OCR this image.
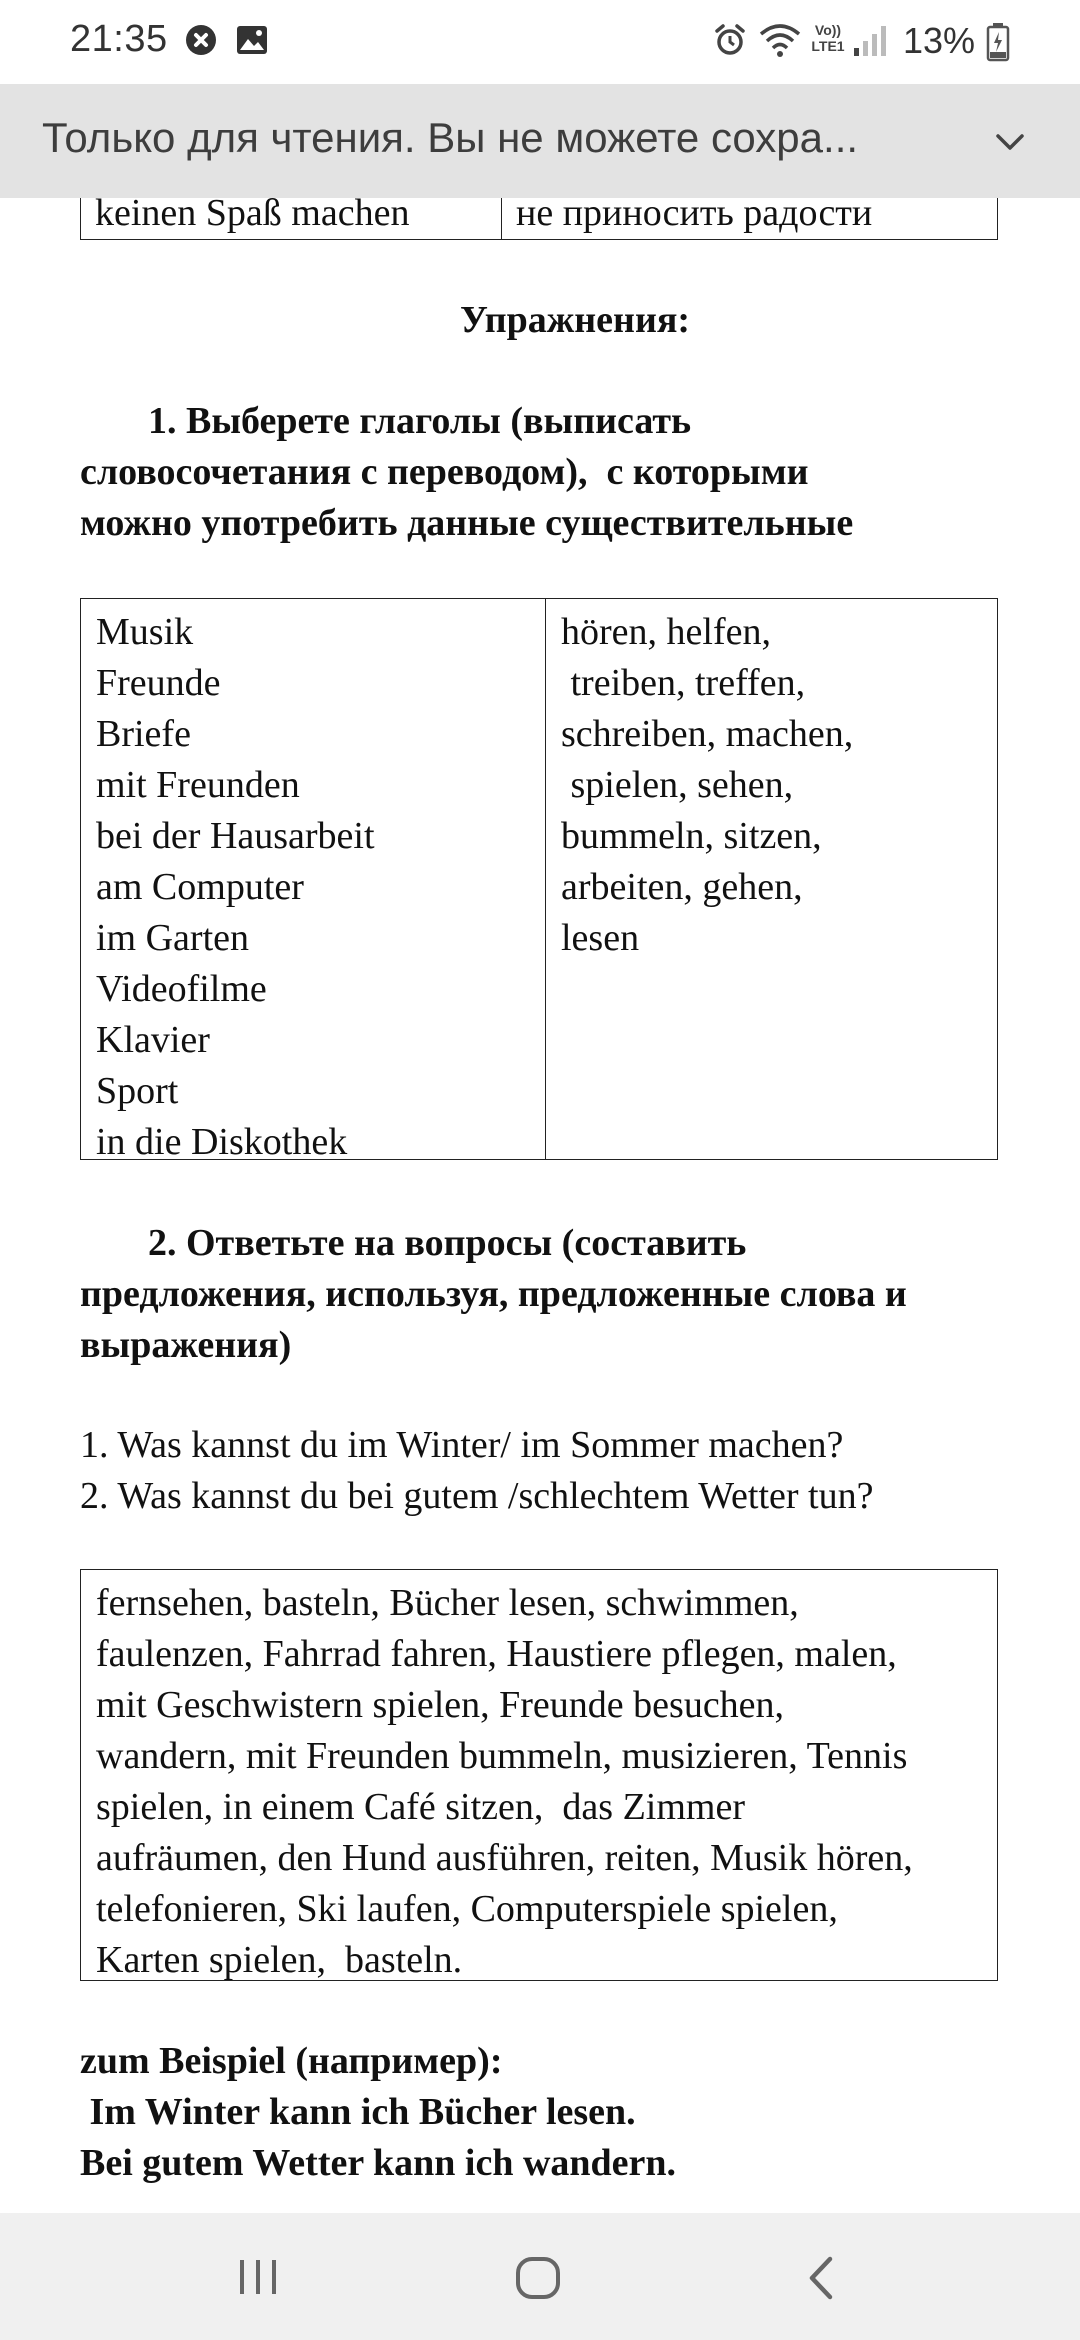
21:35	Vo)) LTE1 13%
Только для чтения. Вы не можете сохра...
keinen Spaß machen	не приносить радости
Упражнения:
1. Выберете глаголы (выписать
словосочетания с переводом),  с которыми
можно употребить данные существительные
Musik
Freunde
Briefe
mit Freunden
bei der Hausarbeit
am Computer
im Garten
Videofilme
Klavier
Sport
in die Diskothek
hören, helfen,
treiben, treffen,
schreiben, machen,
spielen, sehen,
bummeln, sitzen,
arbeiten, gehen,
lesen
2. Ответьте на вопросы (составить
предложения, используя, предложенные слова и
выражения)
1. Was kannst du im Winter/ im Sommer machen?
2. Was kannst du bei gutem /schlechtem Wetter tun?
fernsehen, basteln, Bücher lesen, schwimmen,
faulenzen, Fahrrad fahren, Haustiere pflegen, malen,
mit Geschwistern spielen, Freunde besuchen,
wandern, mit Freunden bummeln, musizieren, Tennis
spielen, in einem Café sitzen,  das Zimmer
aufräumen, den Hund ausführen, reiten, Musik hören,
telefonieren, Ski laufen, Computerspiele spielen,
Karten spielen,  basteln.
zum Beispiel (например):
Im Winter kann ich Bücher lesen.
Bei gutem Wetter kann ich wandern.
